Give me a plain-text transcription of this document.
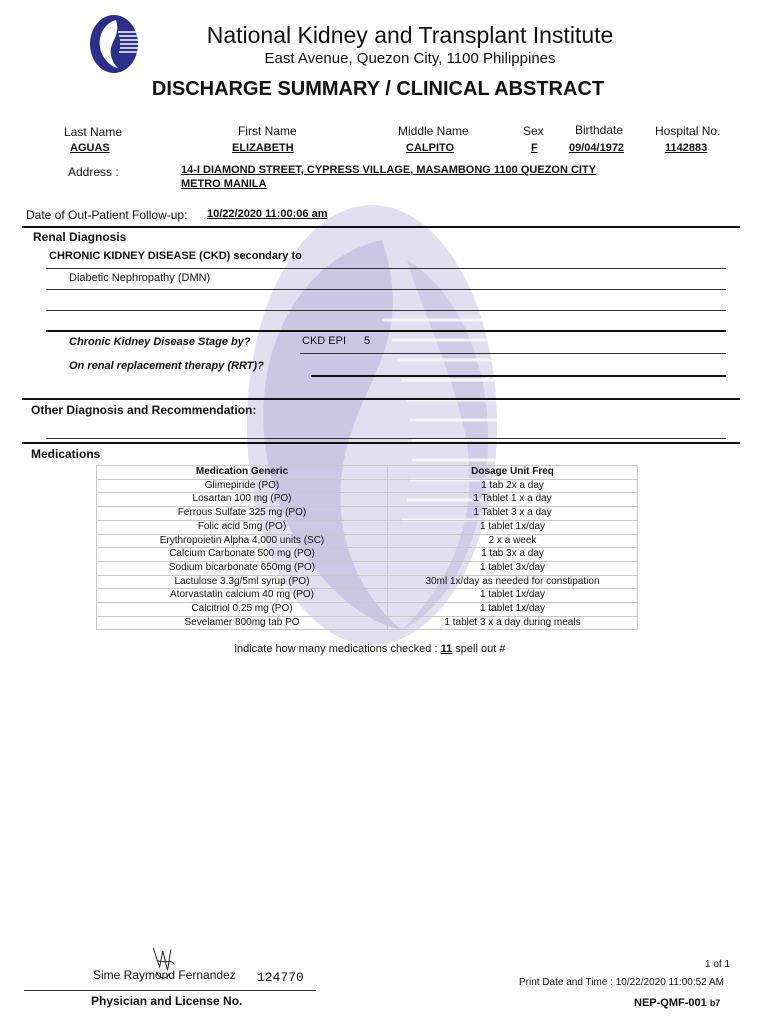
National Kidney and Transplant Institute
East Avenue, Quezon City, 1100 Philippines
DISCHARGE SUMMARY / CLINICAL ABSTRACT
Last Name
AGUAS
First Name
ELIZABETH
Middle Name
CALPITO
Sex
F
Birthdate
09/04/1972
Hospital No.
1142883
Address :	14-I DIAMOND STREET, CYPRESS VILLAGE, MASAMBONG 1100 QUEZON CITY
METRO MANILA
Date of Out-Patient Follow-up: 10/22/2020 11:00:06 am
Renal Diagnosis
CHRONIC KIDNEY DISEASE (CKD) secondary to
Diabetic Nephropathy (DMN)
Chronic Kidney Disease Stage by?	CKD EPI 5
On renal replacement therapy (RRT)?
Other Diagnosis and Recommendation:
Medications
Medication Generic	Dosage Unit Freq
Glimepiride (PO)	1 tab 2x a day
Losartan 100 mg (PO)	1 Tablet 1 x a day
Ferrous Sulfate 325 mg (PO)	1 Tablet 3 x a day
Folic acid 5mg (PO)	1 tablet 1x/day
Erythropoietin Alpha 4,000 units (SC)	2 x a week
Calcium Carbonate 500 mg (PO)	1 tab 3x a day
Sodium bicarbonate 650mg (PO)	1 tablet 3x/day
Lactulose 3.3g/5ml syrup (PO)	30ml 1x/day as needed for constipation
Atorvastatin calcium 40 mg (PO)	1 tablet 1x/day
Calcitriol 0.25 mg (PO)	1 tablet 1x/day
Sevelamer 800mg tab PO	1 tablet 3 x a day during meals
indicate how many medications checked : 11 spell out #
Sime Raymond Fernandez 124770
Physician and License No.
1 of 1
Print Date and Time : 10/22/2020 11:00:52 AM
NEP-QMF-001 b7
